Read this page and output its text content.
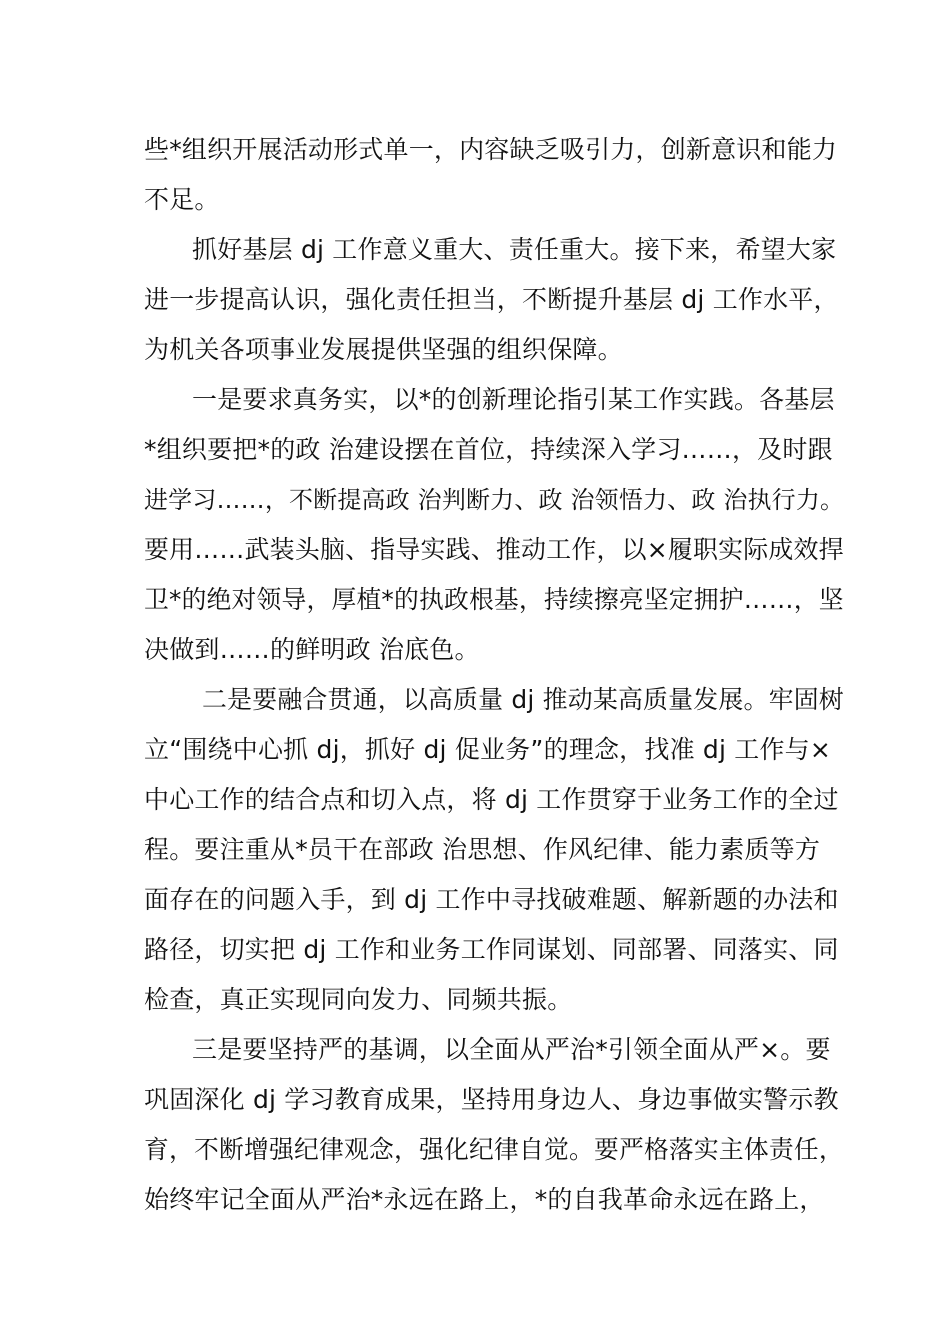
些*组织开展活动形式单一，内容缺乏吸引力，创新意识和能力
不足。
抓好基层 dj 工作意义重大、责任重大。接下来，希望大家
进一步提高认识，强化责任担当，不断提升基层 dj 工作水平，
为机关各项事业发展提供坚强的组织保障。
一是要求真务实，以*的创新理论指引某工作实践。各基层
*组织要把*的政 治建设摆在首位，持续深入学习……，及时跟
进学习……，不断提高政 治判断力、政 治领悟力、政 治执行力。
要用……武装头脑、指导实践、推动工作，以×履职实际成效捍
卫*的绝对领导，厚植*的执政根基，持续擦亮坚定拥护……，坚
决做到……的鲜明政 治底色。
二是要融合贯通，以高质量 dj 推动某高质量发展。牢固树
立“围绕中心抓 dj，抓好 dj 促业务”的理念，找准 dj 工作与×
中心工作的结合点和切入点，将 dj 工作贯穿于业务工作的全过
程。要注重从*员干在部政 治思想、作风纪律、能力素质等方
面存在的问题入手，到 dj 工作中寻找破难题、解新题的办法和
路径，切实把 dj 工作和业务工作同谋划、同部署、同落实、同
检查，真正实现同向发力、同频共振。
三是要坚持严的基调，以全面从严治*引领全面从严×。要
巩固深化 dj 学习教育成果，坚持用身边人、身边事做实警示教
育，不断增强纪律观念，强化纪律自觉。要严格落实主体责任，
始终牢记全面从严治*永远在路上，*的自我革命永远在路上，
